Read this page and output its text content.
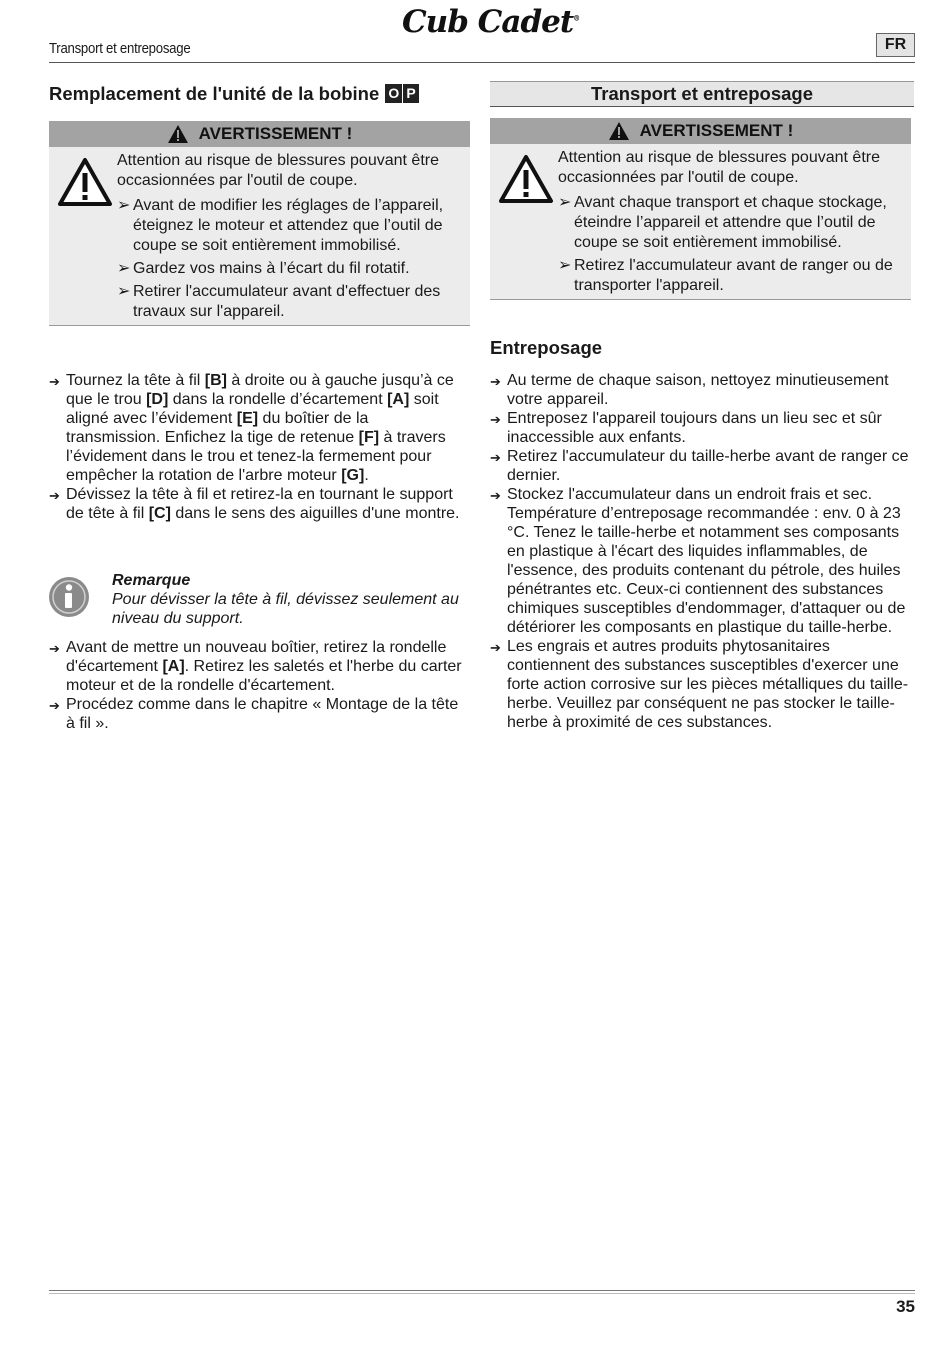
Transport et entreposage
Cub Cadet®
FR
Remplacement de l'unité de la bobine O P
AVERTISSEMENT !
Attention au risque de blessures pouvant être occasionnées par l'outil de coupe.
➢ Avant de modifier les réglages de l’appareil, éteignez le moteur et attendez que l’outil de coupe se soit entièrement immobilisé.
➢ Gardez vos mains à l’écart du fil rotatif.
➢ Retirer l'accumulateur avant d'effectuer des travaux sur l'appareil.
➔ Tournez la tête à fil [B] à droite ou à gauche jusqu’à ce que le trou [D] dans la rondelle d’écartement [A] soit aligné avec l’évidement [E] du boîtier de la transmission. Enfichez la tige de retenue [F] à travers l’évidement dans le trou et tenez-la fermement pour empêcher la rotation de l'arbre moteur [G].
➔ Dévissez la tête à fil et retirez-la en tournant le support de tête à fil [C] dans le sens des aiguilles d'une montre.
Remarque
Pour dévisser la tête à fil, dévissez seulement au niveau du support.
➔ Avant de mettre un nouveau boîtier, retirez la rondelle d'écartement [A]. Retirez les saletés et l'herbe du carter moteur et de la rondelle d'écartement.
➔ Procédez comme dans le chapitre « Montage de la tête à fil ».
Transport et entreposage
AVERTISSEMENT !
Attention au risque de blessures pouvant être occasionnées par l'outil de coupe.
➢ Avant chaque transport et chaque stockage, éteindre l’appareil et attendre que l’outil de coupe se soit entièrement immobilisé.
➢ Retirez l'accumulateur avant de ranger ou de transporter l'appareil.
Entreposage
➔ Au terme de chaque saison, nettoyez minutieusement votre appareil.
➔ Entreposez l'appareil toujours dans un lieu sec et sûr inaccessible aux enfants.
➔ Retirez l'accumulateur du taille-herbe avant de ranger ce dernier.
➔ Stockez l'accumulateur dans un endroit frais et sec. Température d’entreposage recommandée : env. 0 à 23 °C. Tenez le taille-herbe et notamment ses composants en plastique à l'écart des liquides inflammables, de l'essence, des produits contenant du pétrole, des huiles pénétrantes etc. Ceux-ci contiennent des substances chimiques susceptibles d'endommager, d'attaquer ou de détériorer les composants en plastique du taille-herbe.
➔ Les engrais et autres produits phytosanitaires contiennent des substances susceptibles d'exercer une forte action corrosive sur les pièces métalliques du taille-herbe. Veuillez par conséquent ne pas stocker le taille-herbe à proximité de ces substances.
35
